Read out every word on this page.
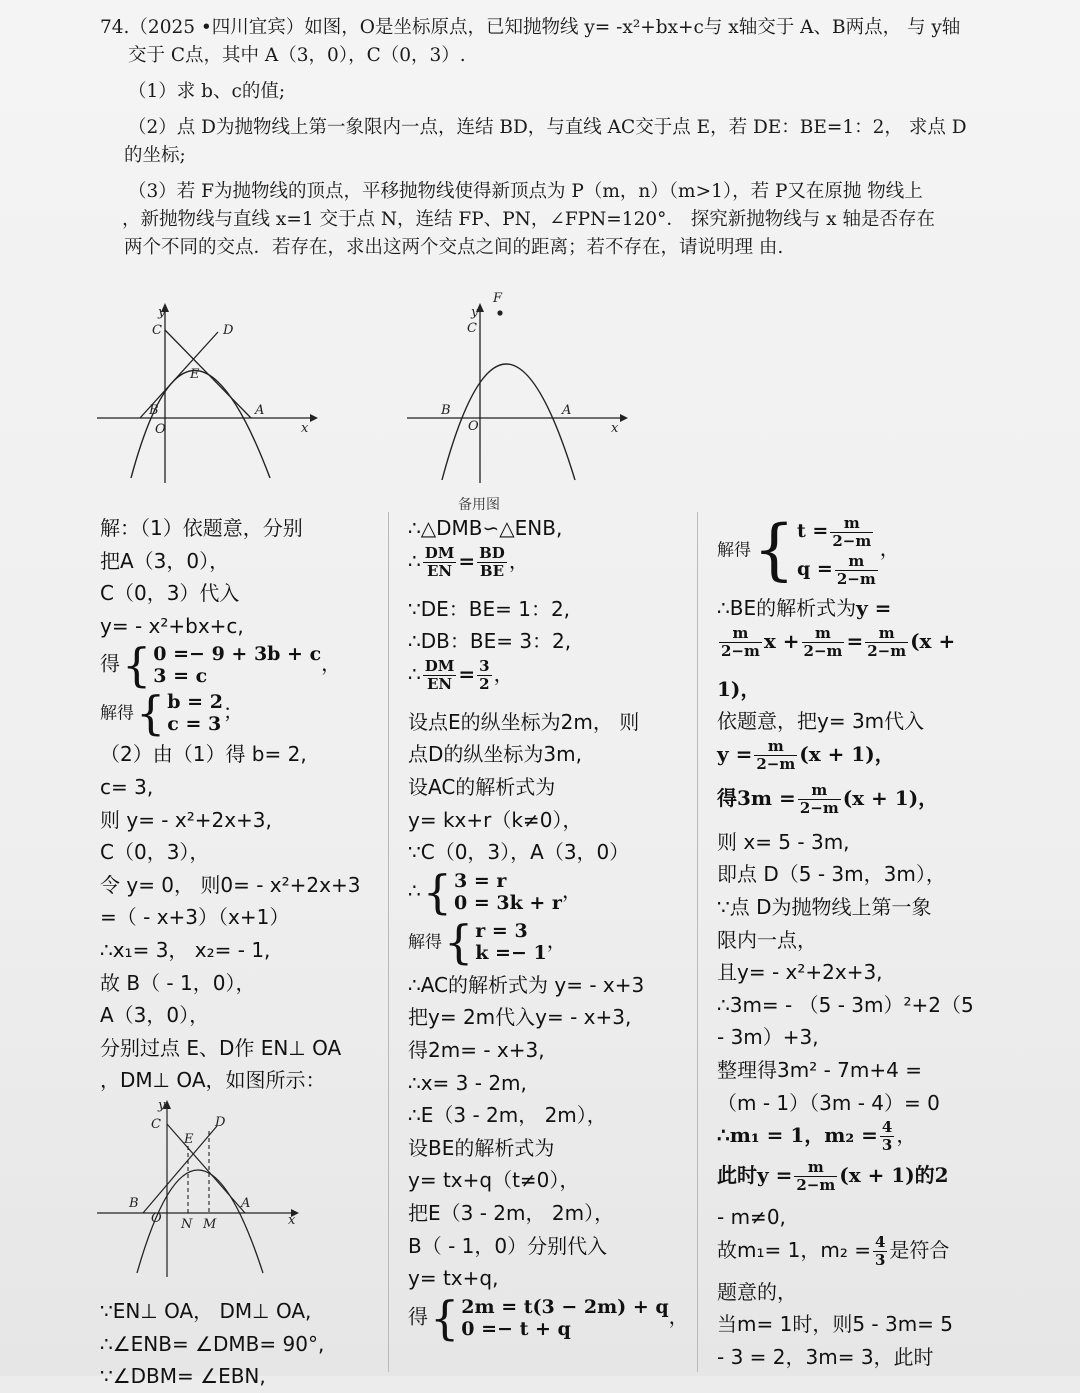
74.（2025 •四川宜宾）如图，O是坐标原点，已知抛物线 y= -x²+bx+c与 x轴交于 A、B两点， 与 y轴
交于 C点，其中 A（3，0），C（0，3）.

（1）求 b、c的值;

（2）点 D为抛物线上第一象限内一点，连结 BD，与直线 AC交于点 E，若 DE：BE=1：2， 求点 D

的坐标;

（3）若 F为抛物线的顶点，平移抛物线使得新顶点为 P（m，n）（m>1），若 P又在原抛 物线上

，新抛物线与直线 x=1 交于点 N，连结 FP、PN，∠FPN=120°． 探究新抛物线与 x 轴是否存在

两个不同的交点．若存在，求出这两个交点之间的距离；若不存在，请说明理 由.

B	A
O
C	D
E
y
x
F
C
B	A
O
y
x
备用图
B	A
O
C	D
E
N M
y
x
解：（1）依题意，分别
把A（3，0），
C（0，3）代入
y= - x²+bx+c,
得{ 0 =− 9 + 3b + c
3 = c
，
解得{ b = 2
c = 3
；
（2）由（1）得 b= 2,
c= 3,
则 y= - x²+2x+3,
C（0，3），
令 y= 0， 则0= - x²+2x+3
=（ - x+3）（x+1）
∴x₁= 3， x₂= - 1,
故 B（ - 1，0），
A（3，0），
分别过点 E、D作 EN⊥ OA
，DM⊥ OA，如图所示：
∵EN⊥ OA， DM⊥ OA,
∴∠ENB= ∠DMB= 90°,
∵∠DBM= ∠EBN,
∴△DMB∽△ENB,
∴ $\frac{DM}{EN} = \frac{BD}{BE}$ ，
∵DE：BE= 1：2,
∴DB：BE= 3：2,
∴ $\frac{DM}{EN} = \frac{3}{2}$ ，
设点E的纵坐标为2m， 则
点D的纵坐标为3m,
设AC的解析式为
y= kx+r（k≠0），
∵C（0，3），A（3，0）
∴{ 3 = r
0 = 3k + r
，
解得{ r = 3
k =− 1
，
∴AC的解析式为 y= - x+3
把y= 2m代入y= - x+3,
得2m= - x+3,
∴x= 3 - 2m,
∴E（3 - 2m， 2m），
设BE的解析式为
y= tx+q（t≠0），
把E（3 - 2m， 2m），
B（ - 1，0）分别代入
y= tx+q,
得{ 2m = t(3 − 2m) + q
0 =− t + q
，
解得{ $t = \frac{m}{2-m}$
$q = \frac{m}{2-m}$
，
∴BE的解析式为y =
$\frac{m}{2-m}$ $x + \frac{m}{2-m} = \frac{m}{2-m} (x$ +
1)，
依题意，把y= 3m代入
$y = \frac{m}{2-m} (x + 1)$，
得$3m = \frac{m}{2-m} (x + 1)$，
则 x= 5 - 3m,
即点 D（5 - 3m，3m），
∵点 D为抛物线上第一象
限内一点，
且y= - x²+2x+3,
∴3m= - （5 - 3m）²+2（5
- 3m）+3,
整理得3m² - 7m+4 =
（m - 1）（3m - 4）= 0
∴m₁ = 1，$m_2 = \frac{4}{3}$ ，
此时$y = \frac{m}{2-m} (x + 1)$的2
- m≠0,
故m₁= 1，$m_2 = \frac{4}{3}$ 是符合
题意的，
当m= 1时，则5 - 3m= 5
- 3 = 2，3m= 3，此时
